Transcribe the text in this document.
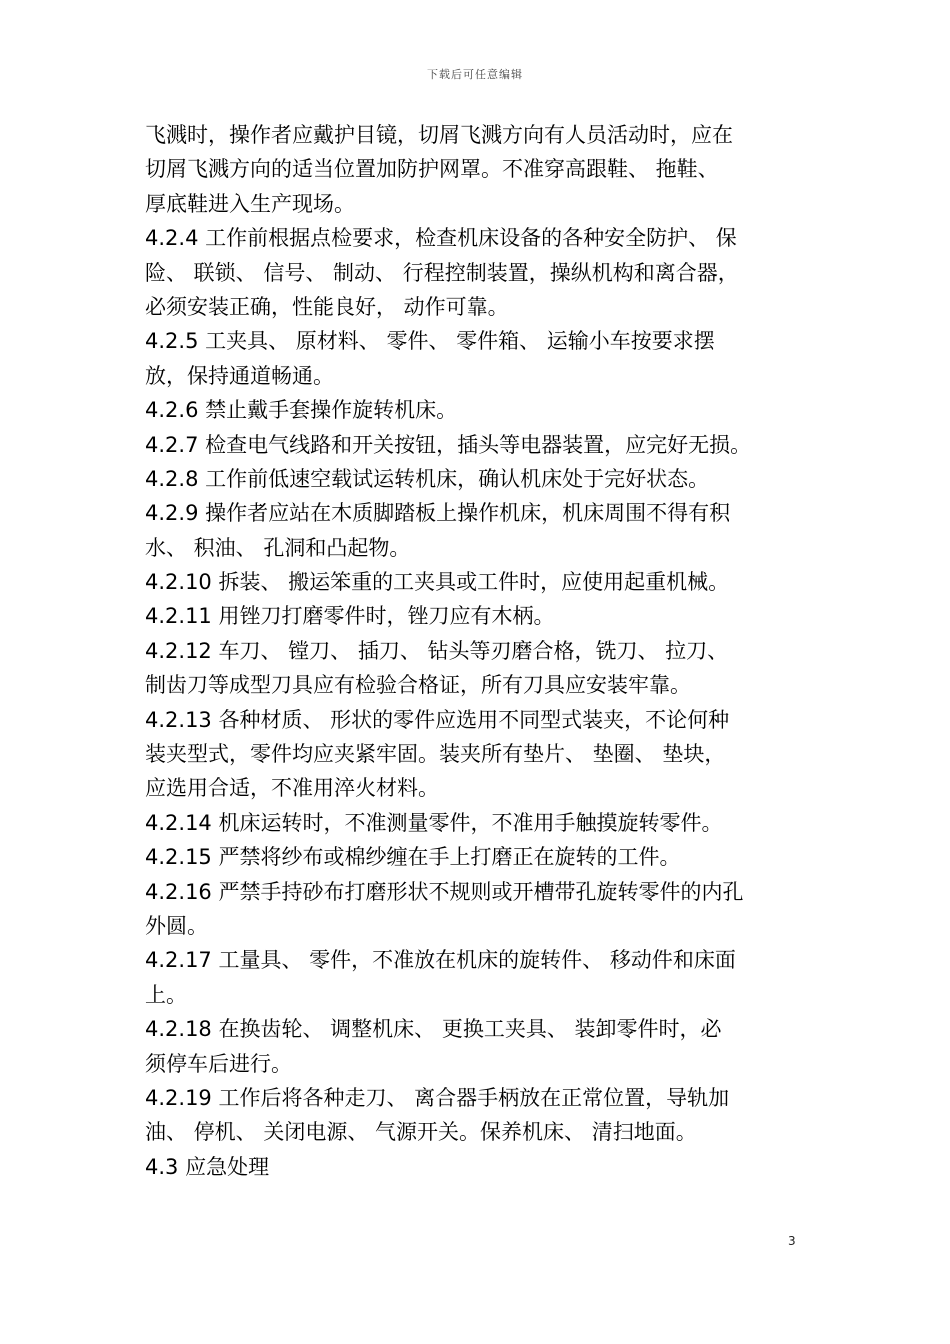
下载后可任意编辑
飞溅时，操作者应戴护目镜，切屑飞溅方向有人员活动时，应在
切屑飞溅方向的适当位置加防护网罩。不准穿高跟鞋、 拖鞋、
厚底鞋进入生产现场。
4.2.4 工作前根据点检要求，检查机床设备的各种安全防护、 保
险、 联锁、 信号、 制动、 行程控制装置，操纵机构和离合器，
必须安装正确，性能良好， 动作可靠。
4.2.5 工夹具、 原材料、 零件、 零件箱、 运输小车按要求摆
放，保持通道畅通。
4.2.6 禁止戴手套操作旋转机床。
4.2.7 检查电气线路和开关按钮，插头等电器装置，应完好无损。
4.2.8 工作前低速空载试运转机床，确认机床处于完好状态。
4.2.9 操作者应站在木质脚踏板上操作机床，机床周围不得有积
水、 积油、 孔洞和凸起物。
4.2.10 拆装、 搬运笨重的工夹具或工件时，应使用起重机械。
4.2.11 用锉刀打磨零件时，锉刀应有木柄。
4.2.12 车刀、 镗刀、 插刀、 钻头等刃磨合格，铣刀、 拉刀、
制齿刀等成型刀具应有检验合格证，所有刀具应安装牢靠。
4.2.13 各种材质、 形状的零件应选用不同型式装夹，不论何种
装夹型式，零件均应夹紧牢固。装夹所有垫片、 垫圈、 垫块，
应选用合适，不准用淬火材料。
4.2.14 机床运转时，不准测量零件，不准用手触摸旋转零件。
4.2.15 严禁将纱布或棉纱缠在手上打磨正在旋转的工件。
4.2.16 严禁手持砂布打磨形状不规则或开槽带孔旋转零件的内孔
外圆。
4.2.17 工量具、 零件，不准放在机床的旋转件、 移动件和床面
上。
4.2.18 在换齿轮、 调整机床、 更换工夹具、 装卸零件时，必
须停车后进行。
4.2.19 工作后将各种走刀、 离合器手柄放在正常位置，导轨加
油、 停机、 关闭电源、 气源开关。保养机床、 清扫地面。
4.3 应急处理
3
